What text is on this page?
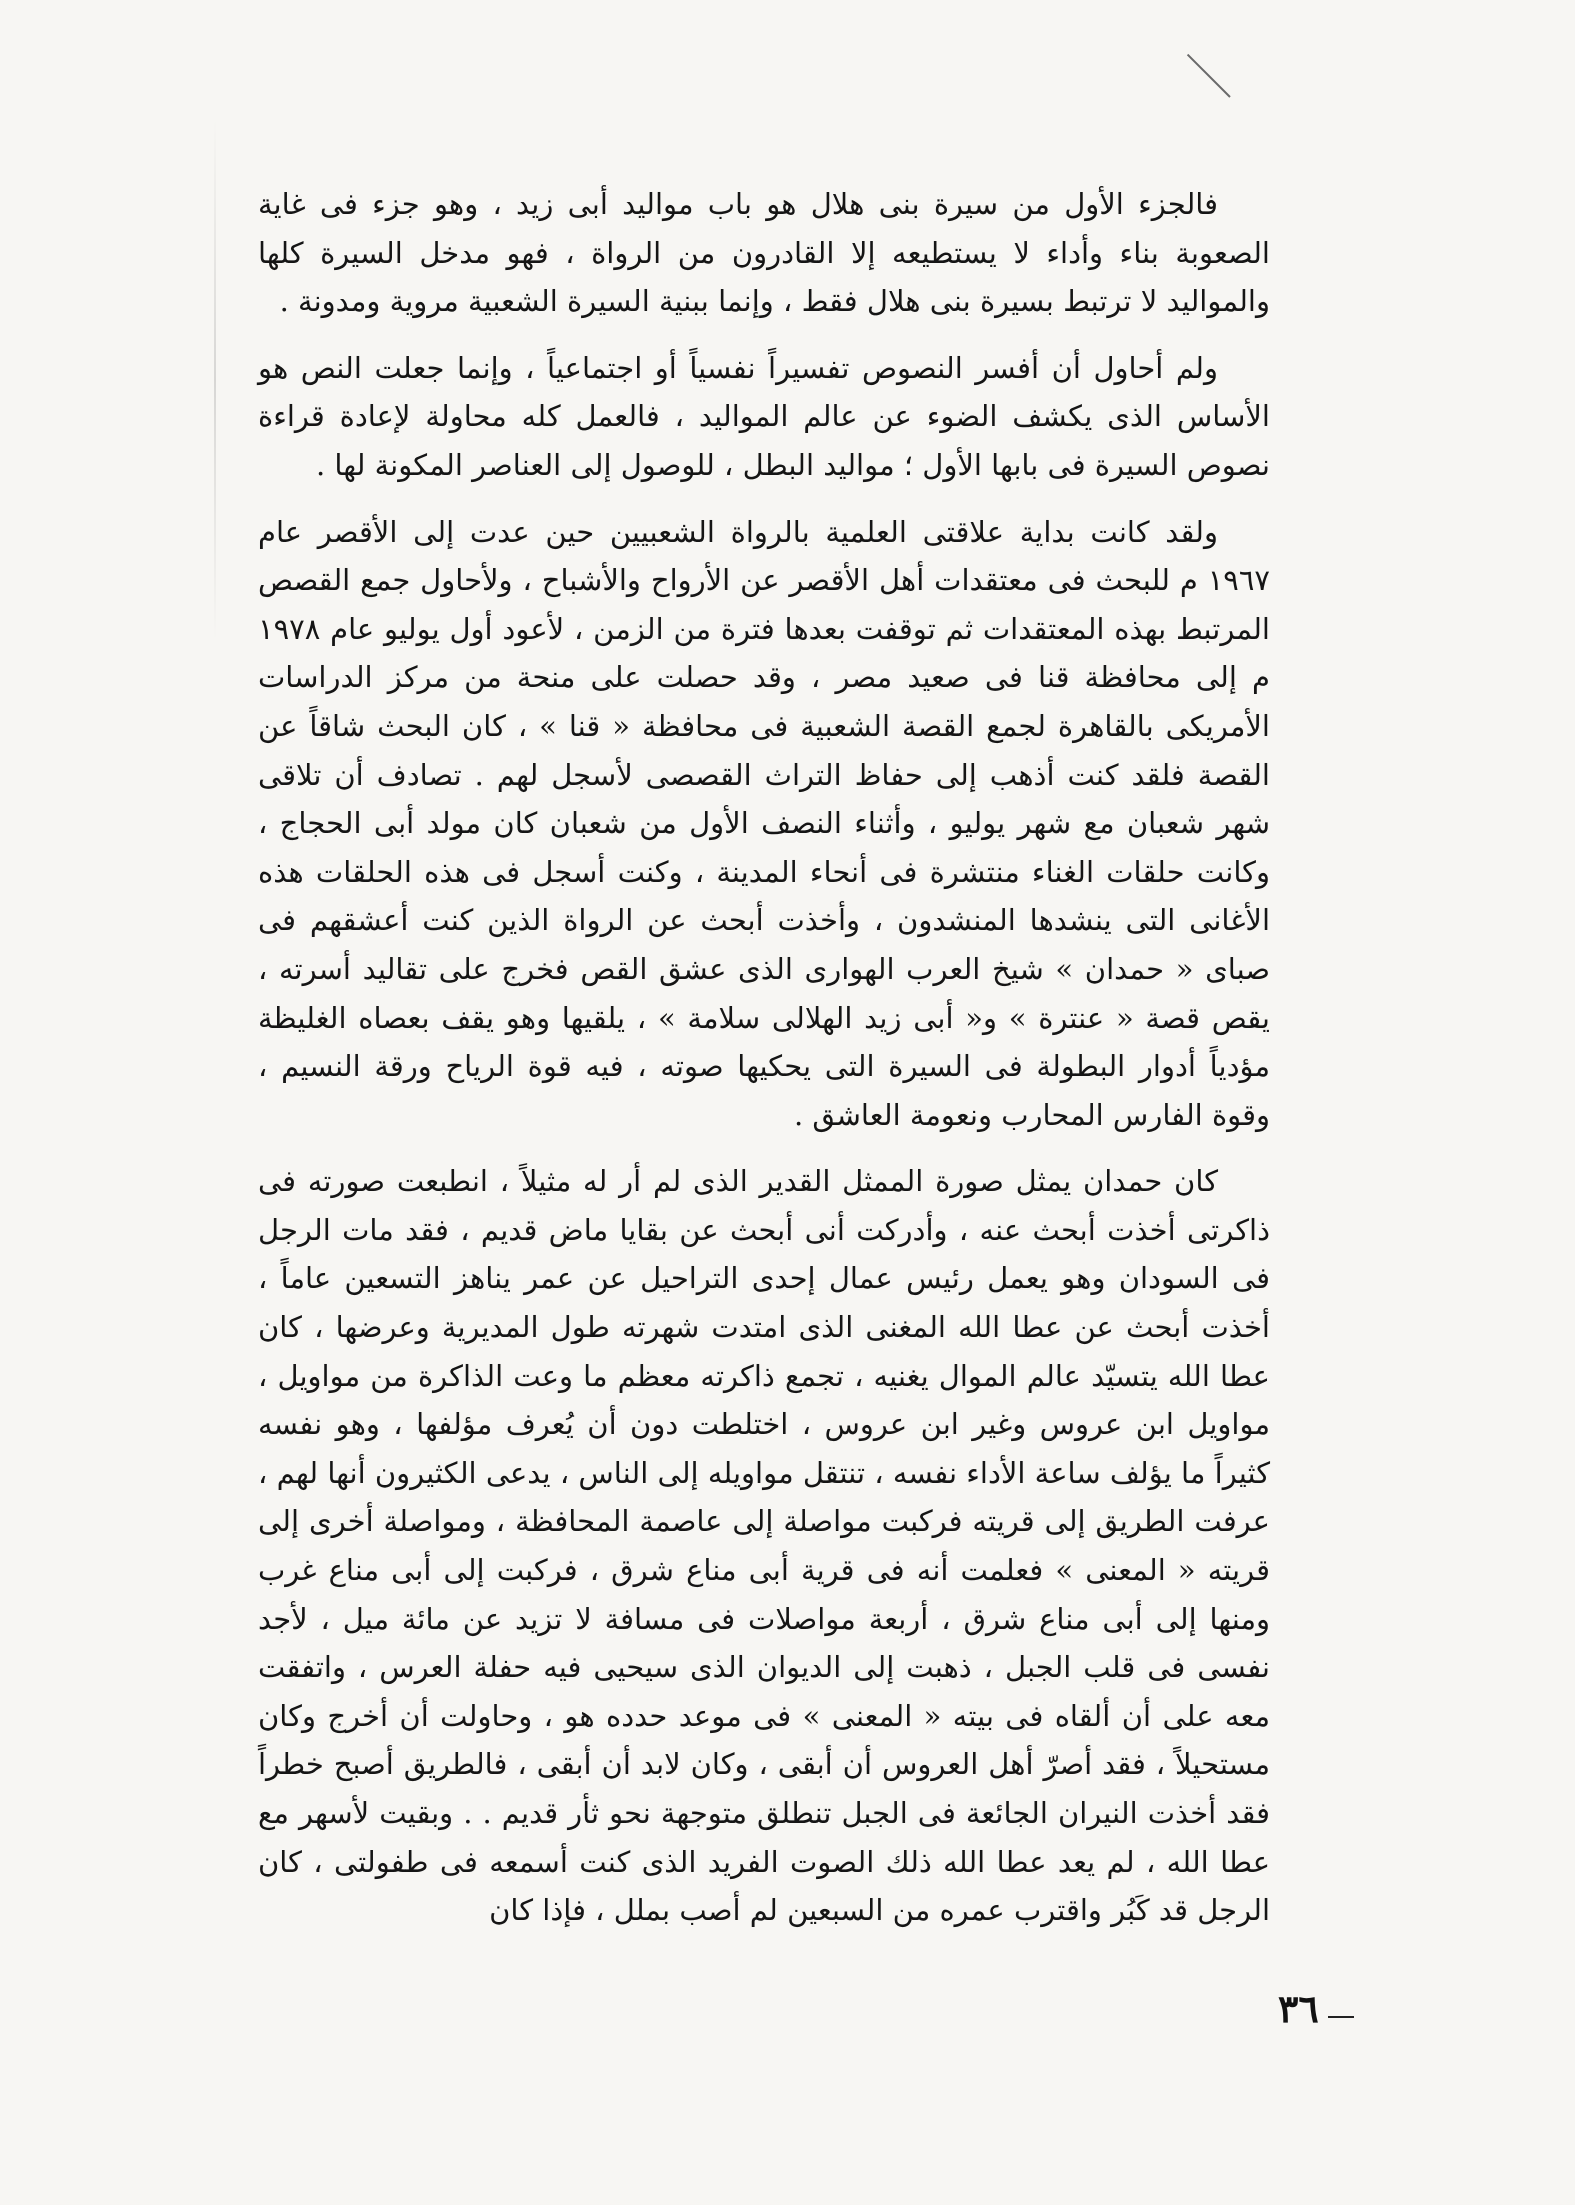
فالجزء الأول من سيرة بنى هلال هو باب مواليد أبى زيد ، وهو جزء فى غاية الصعوبة بناء وأداء لا يستطيعه إلا القادرون من الرواة ، فهو مدخل السيرة كلها والمواليد لا ترتبط بسيرة بنى هلال فقط ، وإنما ببنية السيرة الشعبية مروية ومدونة .

ولم أحاول أن أفسر النصوص تفسيراً نفسياً أو اجتماعياً ، وإنما جعلت النص هو الأساس الذى يكشف الضوء عن عالم المواليد ، فالعمل كله محاولة لإعادة قراءة نصوص السيرة فى بابها الأول ؛ مواليد البطل ، للوصول إلى العناصر المكونة لها .

ولقد كانت بداية علاقتى العلمية بالرواة الشعبيين حين عدت إلى الأقصر عام ١٩٦٧ م للبحث فى معتقدات أهل الأقصر عن الأرواح والأشباح ، ولأحاول جمع القصص المرتبط بهذه المعتقدات ثم توقفت بعدها فترة من الزمن ، لأعود أول يوليو عام ١٩٧٨ م إلى محافظة قنا فى صعيد مصر ، وقد حصلت على منحة من مركز الدراسات الأمريكى بالقاهرة لجمع القصة الشعبية فى محافظة « قنا » ، كان البحث شاقاً عن القصة فلقد كنت أذهب إلى حفاظ التراث القصصى لأسجل لهم . تصادف أن تلاقى شهر شعبان مع شهر يوليو ، وأثناء النصف الأول من شعبان كان مولد أبى الحجاج ، وكانت حلقات الغناء منتشرة فى أنحاء المدينة ، وكنت أسجل فى هذه الحلقات هذه الأغانى التى ينشدها المنشدون ، وأخذت أبحث عن الرواة الذين كنت أعشقهم فى صباى « حمدان » شيخ العرب الهوارى الذى عشق القص فخرج على تقاليد أسرته ، يقص قصة « عنترة » و« أبى زيد الهلالى سلامة » ، يلقيها وهو يقف بعصاه الغليظة مؤدياً أدوار البطولة فى السيرة التى يحكيها صوته ، فيه قوة الرياح ورقة النسيم ، وقوة الفارس المحارب ونعومة العاشق .

كان حمدان يمثل صورة الممثل القدير الذى لم أر له مثيلاً ، انطبعت صورته فى ذاكرتى أخذت أبحث عنه ، وأدركت أنى أبحث عن بقايا ماض قديم ، فقد مات الرجل فى السودان وهو يعمل رئيس عمال إحدى التراحيل عن عمر يناهز التسعين عاماً ، أخذت أبحث عن عطا الله المغنى الذى امتدت شهرته طول المديرية وعرضها ، كان عطا الله يتسيّد عالم الموال يغنيه ، تجمع ذاكرته معظم ما وعت الذاكرة من مواويل ، مواويل ابن عروس وغير ابن عروس ، اختلطت دون أن يُعرف مؤلفها ، وهو نفسه كثيراً ما يؤلف ساعة الأداء نفسه ، تنتقل مواويله إلى الناس ، يدعى الكثيرون أنها لهم ، عرفت الطريق إلى قريته فركبت مواصلة إلى عاصمة المحافظة ، ومواصلة أخرى إلى قريته « المعنى » فعلمت أنه فى قرية أبى مناع شرق ، فركبت إلى أبى مناع غرب ومنها إلى أبى مناع شرق ، أربعة مواصلات فى مسافة لا تزيد عن مائة ميل ، لأجد نفسى فى قلب الجبل ، ذهبت إلى الديوان الذى سيحيى فيه حفلة العرس ، واتفقت معه على أن ألقاه فى بيته « المعنى » فى موعد حدده هو ، وحاولت أن أخرج وكان مستحيلاً ، فقد أصرّ أهل العروس أن أبقى ، وكان لابد أن أبقى ، فالطريق أصبح خطراً فقد أخذت النيران الجائعة فى الجبل تنطلق متوجهة نحو ثأر قديم . . وبقيت لأسهر مع عطا الله ، لم يعد عطا الله ذلك الصوت الفريد الذى كنت أسمعه فى طفولتى ، كان الرجل قد كَبُر واقترب عمره من السبعين لم أصب بملل ، فإذا كان

٣٦
